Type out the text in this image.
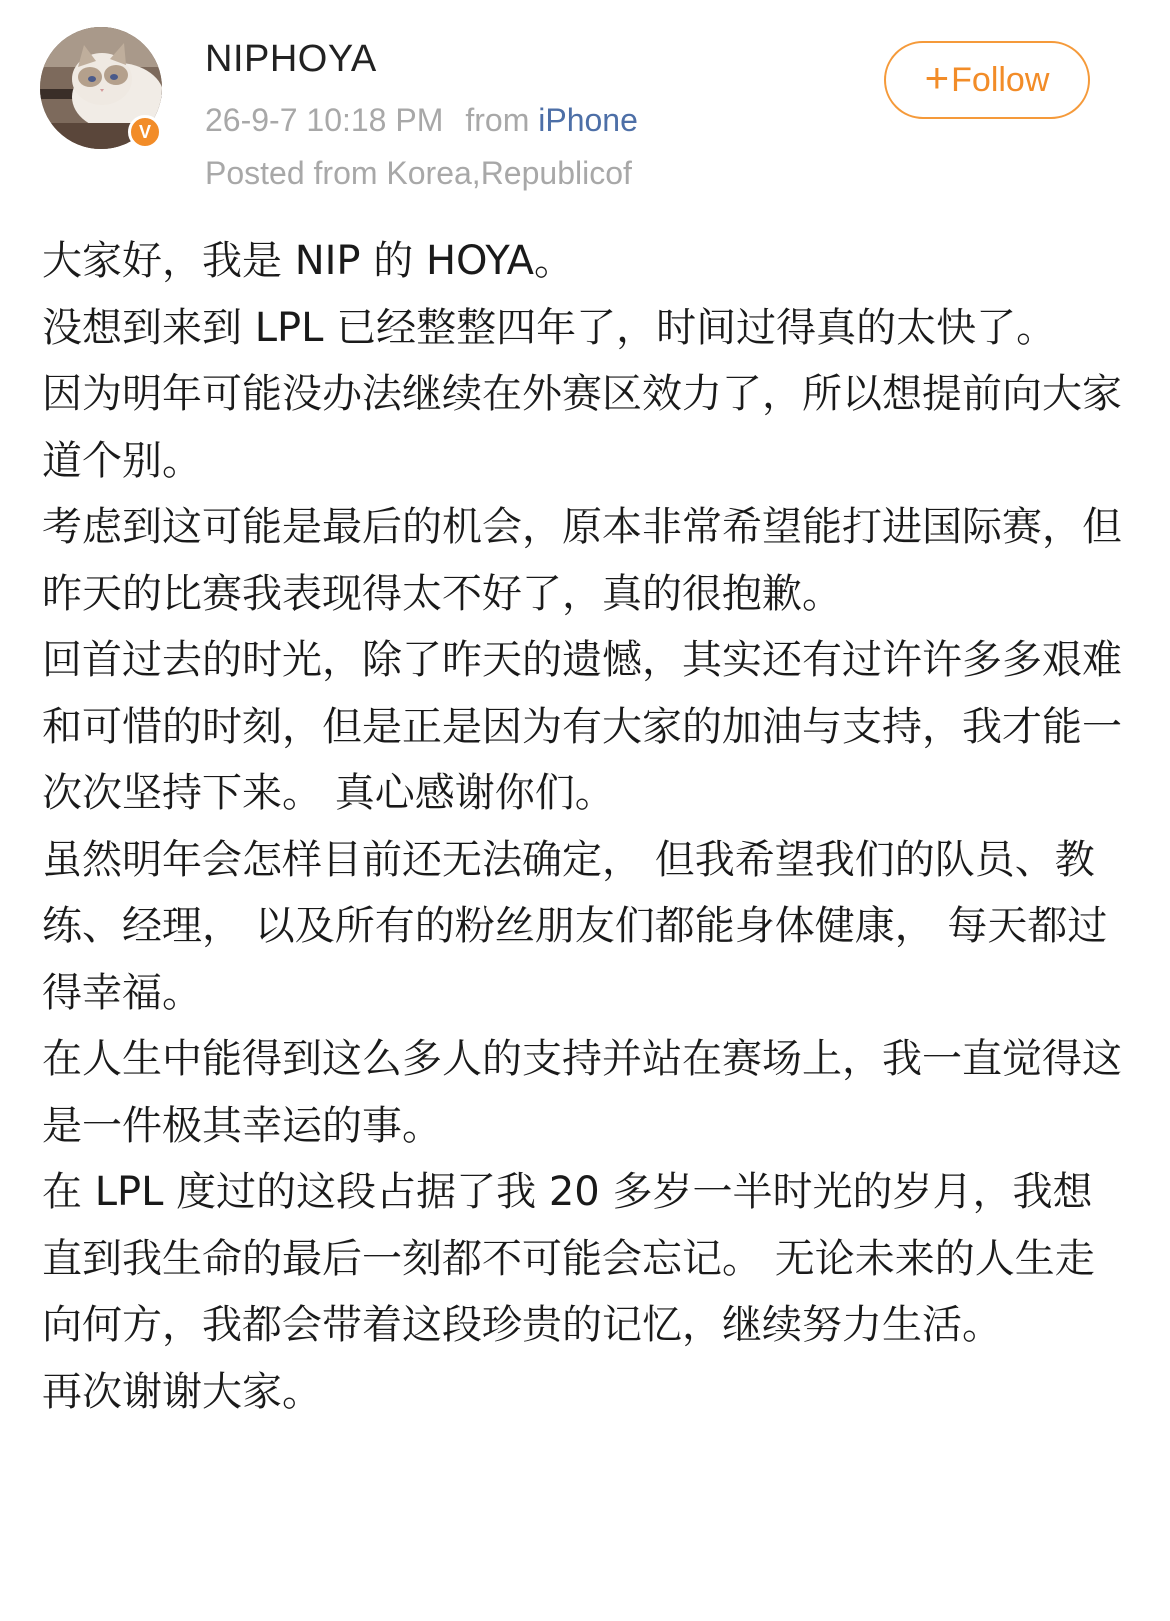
V
NIPHOYA
26-9-7 10:18 PM from iPhone
Posted from Korea,Republicof
+ Follow

大家好，我是 NIP 的 HOYA。

没想到来到 LPL 已经整整四年了，时间过得真的太快了。

因为明年可能没办法继续在外赛区效力了，所以想提前向大家道个别。

考虑到这可能是最后的机会，原本非常希望能打进国际赛，但昨天的比赛我表现得太不好了，真的很抱歉。

回首过去的时光，除了昨天的遗憾，其实还有过许许多多艰难和可惜的时刻，但是正是因为有大家的加油与支持，我才能一次次坚持下来。 真心感谢你们。

虽然明年会怎样目前还无法确定， 但我希望我们的队员、教练、经理， 以及所有的粉丝朋友们都能身体健康， 每天都过得幸福。

在人生中能得到这么多人的支持并站在赛场上，我一直觉得这是一件极其幸运的事。

在 LPL 度过的这段占据了我 20 多岁一半时光的岁月，我想直到我生命的最后一刻都不可能会忘记。 无论未来的人生走向何方，我都会带着这段珍贵的记忆，继续努力生活。

再次谢谢大家。
